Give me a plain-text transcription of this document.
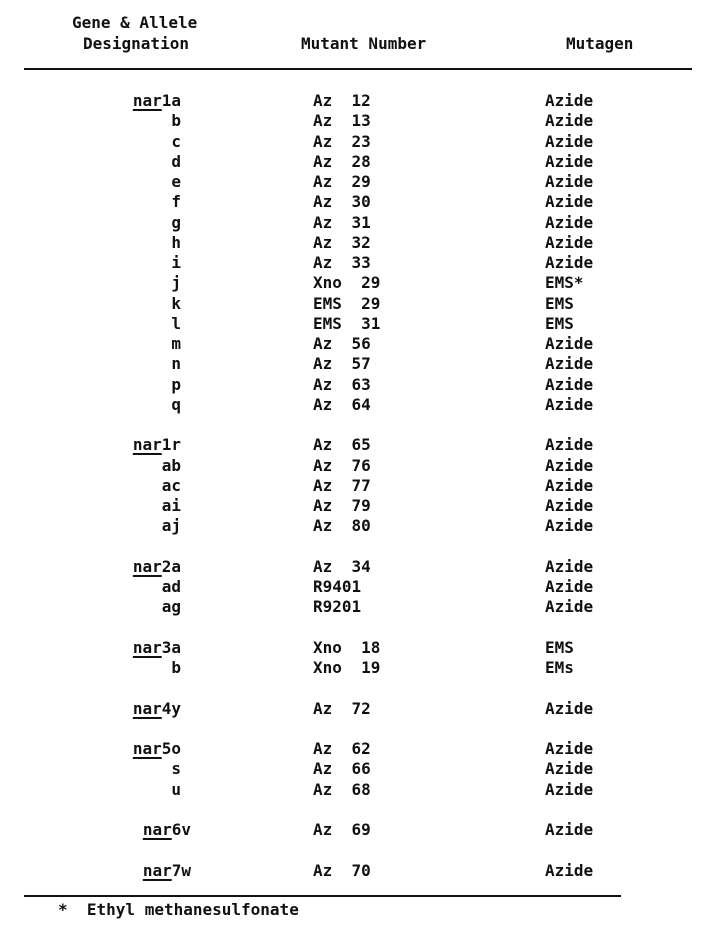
Gene & Allele
Designation	Mutant Number	Mutagen
nar1a	Az  12	Azide
b	Az  13	Azide
c	Az  23	Azide
d	Az  28	Azide
e	Az  29	Azide
f	Az  30	Azide
g	Az  31	Azide
h	Az  32	Azide
i	Az  33	Azide
j	Xno  29	EMS*
k	EMS  29	EMS
l	EMS  31	EMS
m	Az  56	Azide
n	Az  57	Azide
p	Az  63	Azide
q	Az  64	Azide
nar1r	Az  65	Azide
ab	Az  76	Azide
ac	Az  77	Azide
ai	Az  79	Azide
aj	Az  80	Azide
nar2a	Az  34	Azide
ad	R9401	Azide
ag	R9201	Azide
nar3a	Xno  18	EMS
b	Xno  19	EMs
nar4y	Az  72	Azide
nar5o	Az  62	Azide
s	Az  66	Azide
u	Az  68	Azide
nar6v	Az  69	Azide
nar7w	Az  70	Azide
*  Ethyl methanesulfonate
